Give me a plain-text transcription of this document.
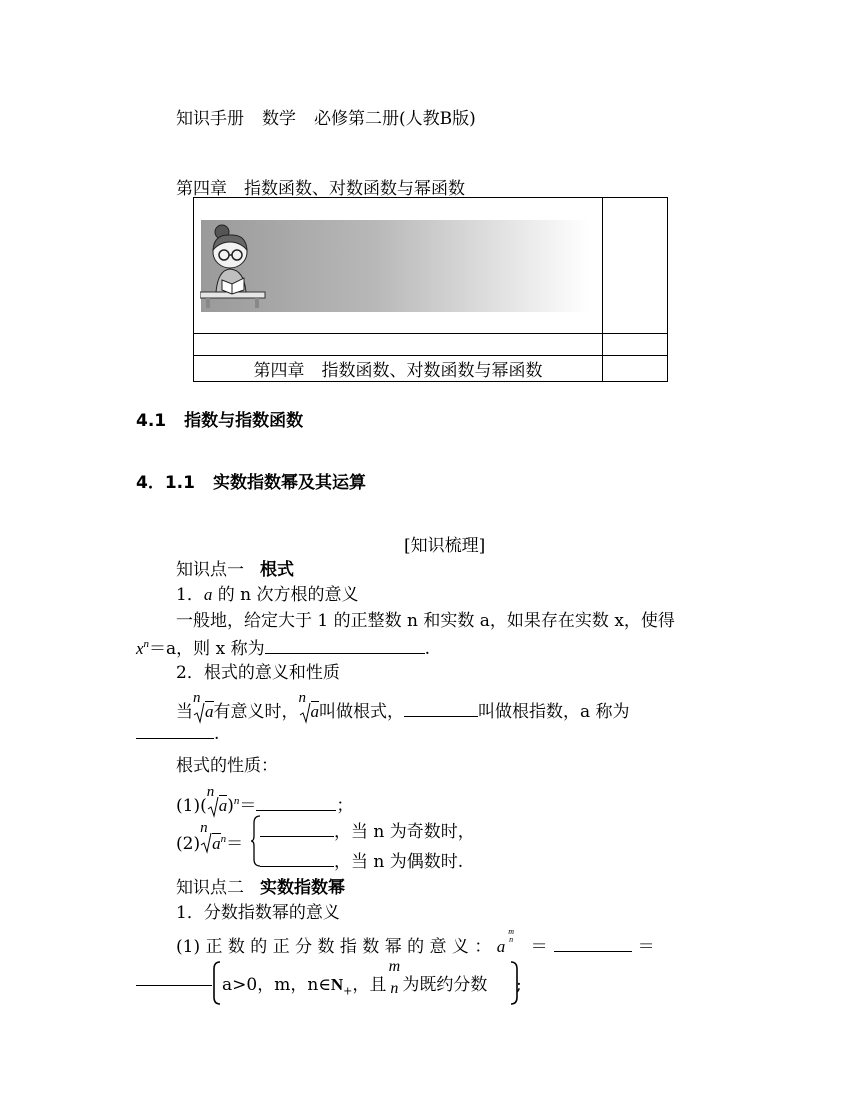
知识手册 数学 必修第二册(人教B版)
第四章　指数函数、对数函数与幂函数

第四章　指数函数、对数函数与幂函数	
4.1 指数与指数函数
4．1.1 实数指数幂及其运算
[知识梳理]
知识点一 根式
1．a 的 n 次方根的意义
一般地，给定大于 1 的正整数 n 和实数 a，如果存在实数 x，使得
$x^n=a$，则 x 称为	.
2．根式的意义和性质
当
n
a有意义时，
n
a叫做根式，	叫做根指数，a 称为
.
根式的性质：
(1)(
n
a)$^n$＝	；
(2)
n
$a^n=$
，当 n 为奇数时，
，当 n 为偶数时.
知识点二 实数指数幂
1．分数指数幂的意义
(1) 正 数 的 正 分 数 指 数 幂 的 意 义 ： a
m
n ＝	＝
a>0，m，$n\in N_+$，且
m
n 为既约分数 ;
